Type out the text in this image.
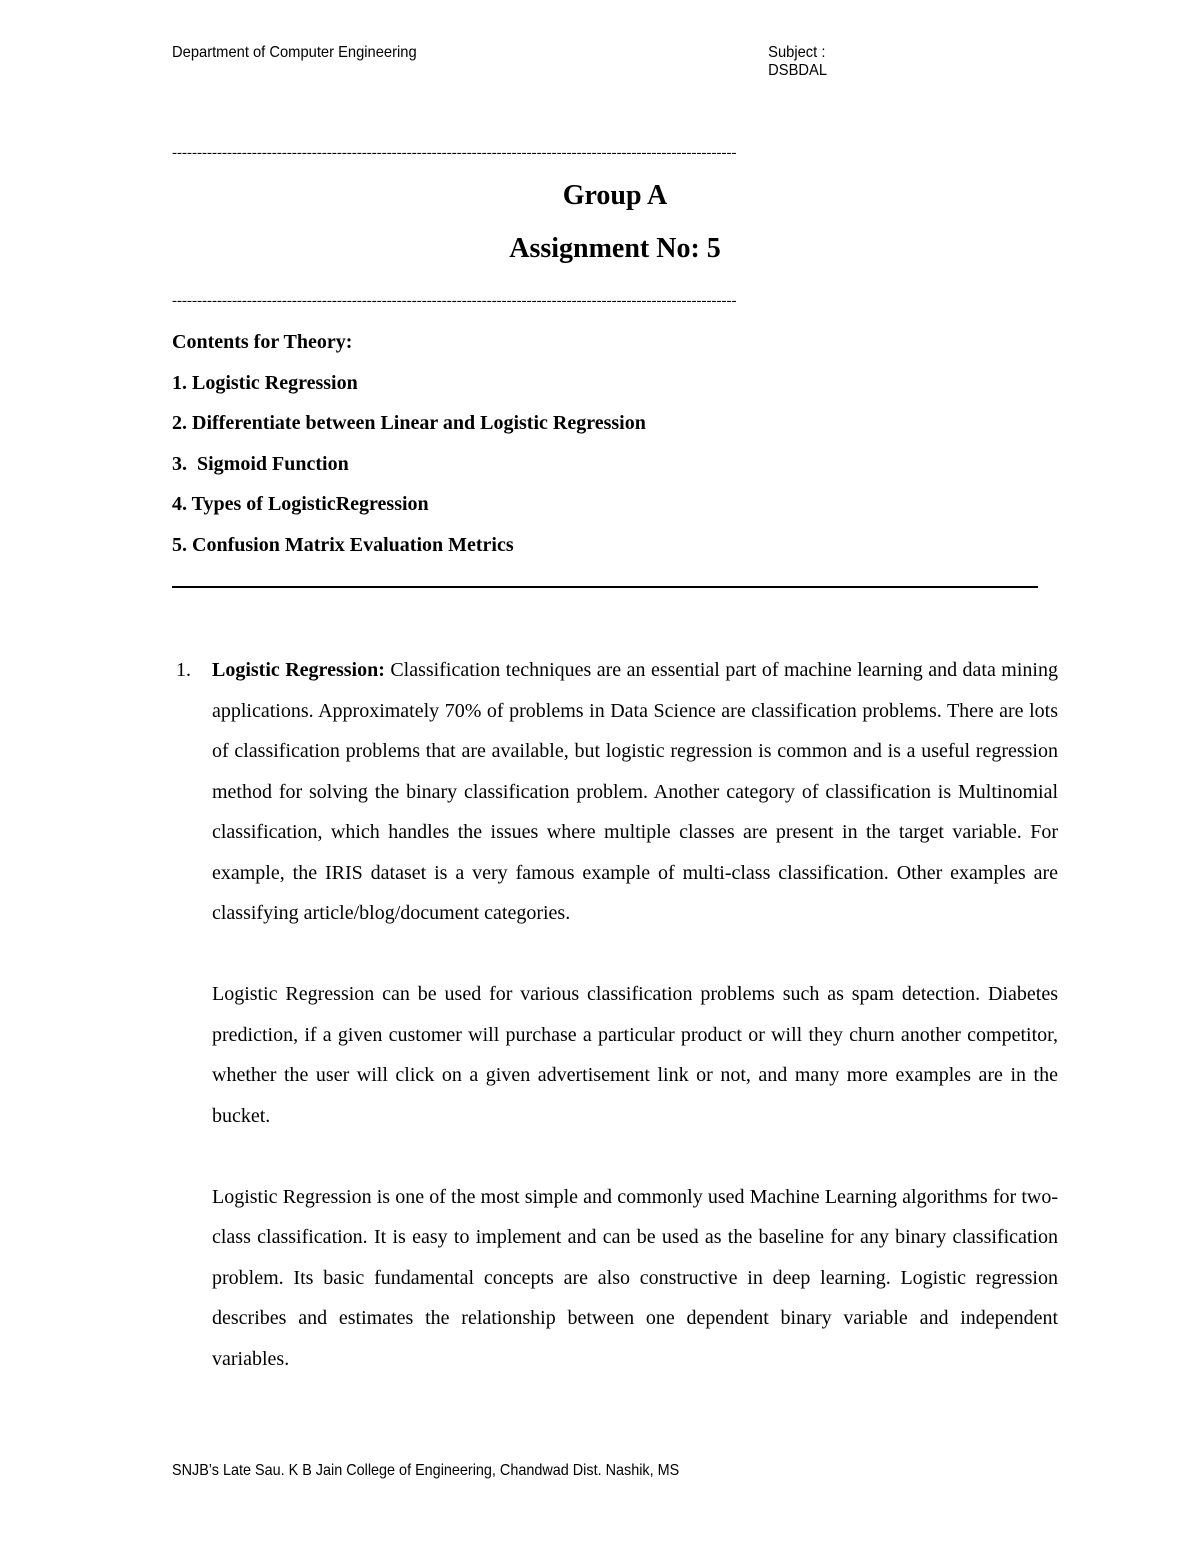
Department of Computer Engineering	Subject : DSBDAL
-----------------------------------------------------------------------------------------------------------------
Group A
Assignment No: 5
-----------------------------------------------------------------------------------------------------------------
Contents for Theory:
1. Logistic Regression
2. Differentiate between Linear and Logistic Regression
3.  Sigmoid Function
4. Types of LogisticRegression
5. Confusion Matrix Evaluation Metrics
1. Logistic Regression: Classification techniques are an essential part of machine learning and data mining applications. Approximately 70% of problems in Data Science are classification problems. There are lots of classification problems that are available, but logistic regression is common and is a useful regression method for solving the binary classification problem. Another category of classification is Multinomial classification, which handles the issues where multiple classes are present in the target variable. For example, the IRIS dataset is a very famous example of multi-class classification. Other examples are classifying article/blog/document categories.

Logistic Regression can be used for various classification problems such as spam detection. Diabetes prediction, if a given customer will purchase a particular product or will they churn another competitor, whether the user will click on a given advertisement link or not, and many more examples are in the bucket.

Logistic Regression is one of the most simple and commonly used Machine Learning algorithms for two-class classification. It is easy to implement and can be used as the baseline for any binary classification problem. Its basic fundamental concepts are also constructive in deep learning. Logistic regression describes and estimates the relationship between one dependent binary variable and independent variables.

SNJB’s Late Sau. K B Jain College of Engineering, Chandwad Dist. Nashik, MS
